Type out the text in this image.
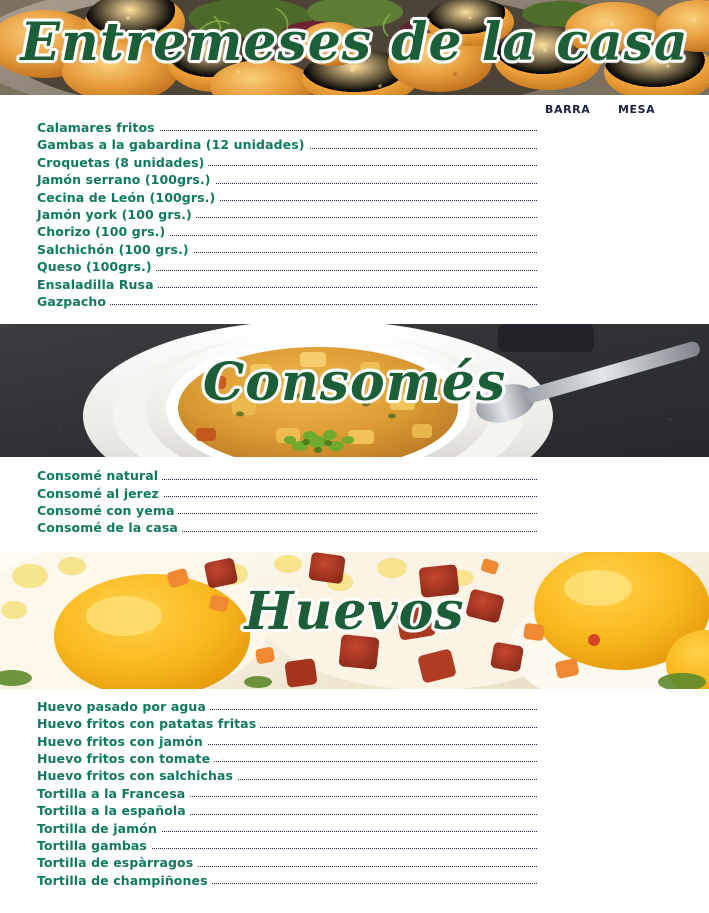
Entremeses de la casa
BARRA	MESA
Calamares fritos
Gambas a la gabardina (12 unidades)
Croquetas (8 unidades)
Jamón serrano (100grs.)
Cecina de León (100grs.)
Jamón york (100 grs.)
Chorizo (100 grs.)
Salchichón (100 grs.)
Queso (100grs.)
Ensaladilla Rusa
Gazpacho
Consomés
Consomé natural
Consomé al jerez
Consomé con yema
Consomé de la casa
Huevos
Huevo pasado por agua
Huevo fritos con patatas fritas
Huevo fritos con jamón
Huevo fritos con tomate
Huevo fritos con salchichas
Tortilla a la Francesa
Tortilla a la española
Tortilla de jamón
Tortilla gambas
Tortilla de espàrragos
Tortilla de champiñones
